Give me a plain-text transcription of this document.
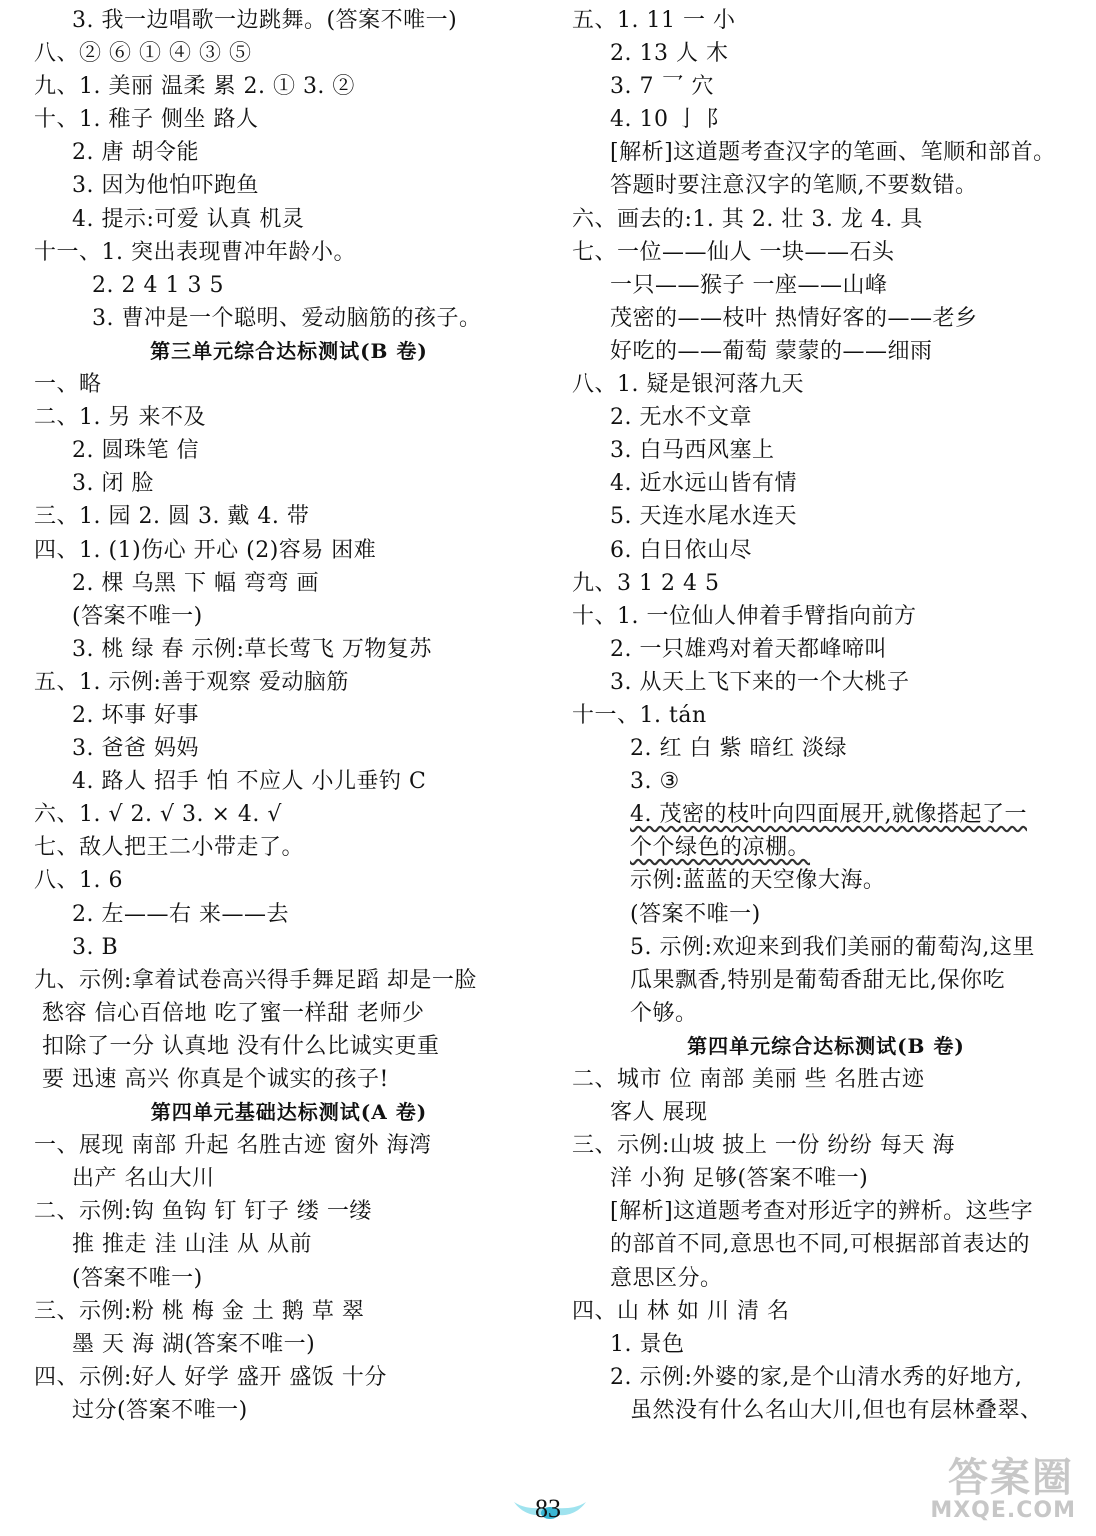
3. 我一边唱歌一边跳舞。(答案不唯一)
八、② ⑥ ① ④ ③ ⑤
九、1. 美丽 温柔 累 2. ① 3. ②
十、1. 稚子 侧坐 路人
2. 唐 胡令能
3. 因为他怕吓跑鱼
4. 提示:可爱 认真 机灵
十一、1. 突出表现曹冲年龄小。
2. 2 4 1 3 5
3. 曹冲是一个聪明、爱动脑筋的孩子。
第三单元综合达标测试(B 卷)
一、略
二、1. 另 来不及
2. 圆珠笔 信
3. 闭 脸
三、1. 园 2. 圆 3. 戴 4. 带
四、1. (1)伤心 开心 (2)容易 困难
2. 棵 乌黑 下 幅 弯弯 画
(答案不唯一)
3. 桃 绿 春 示例:草长莺飞 万物复苏
五、1. 示例:善于观察 爱动脑筋
2. 坏事 好事
3. 爸爸 妈妈
4. 路人 招手 怕 不应人 小儿垂钓 C
六、1. √ 2. √ 3. × 4. √
七、敌人把王二小带走了。
八、1. 6
2. 左——右 来——去
3. B
九、示例:拿着试卷高兴得手舞足蹈 却是一脸
愁容 信心百倍地 吃了蜜一样甜 老师少
扣除了一分 认真地 没有什么比诚实更重
要 迅速 高兴 你真是个诚实的孩子!
第四单元基础达标测试(A 卷)
一、展现 南部 升起 名胜古迹 窗外 海湾
出产 名山大川
二、示例:钩 鱼钩 钉 钉子 缕 一缕
推 推走 洼 山洼 从 从前
(答案不唯一)
三、示例:粉 桃 梅 金 土 鹅 草 翠
墨 天 海 湖(答案不唯一)
四、示例:好人 好学 盛开 盛饭 十分
过分(答案不唯一)
五、1. 11 一 小
2. 13 人 木
3. 7 乛 穴
4. 10 亅 阝
[解析]这道题考查汉字的笔画、笔顺和部首。
答题时要注意汉字的笔顺,不要数错。
六、画去的:1. 其 2. 壮 3. 龙 4. 具
七、一位——仙人 一块——石头
一只——猴子 一座——山峰
茂密的——枝叶 热情好客的——老乡
好吃的——葡萄 蒙蒙的——细雨
八、1. 疑是银河落九天
2. 无水不文章
3. 白马西风塞上
4. 近水远山皆有情
5. 天连水尾水连天
6. 白日依山尽
九、3 1 2 4 5
十、1. 一位仙人伸着手臂指向前方
2. 一只雄鸡对着天都峰啼叫
3. 从天上飞下来的一个大桃子
十一、1. tán
2. 红 白 紫 暗红 淡绿
3. ③
4. 茂密的枝叶向四面展开,就像搭起了一
个个绿色的凉棚。
示例:蓝蓝的天空像大海。
(答案不唯一)
5. 示例:欢迎来到我们美丽的葡萄沟,这里
瓜果飘香,特别是葡萄香甜无比,保你吃
个够。
第四单元综合达标测试(B 卷)
二、城市 位 南部 美丽 些 名胜古迹
客人 展现
三、示例:山坡 披上 一份 纷纷 每天 海
洋 小狗 足够(答案不唯一)
[解析]这道题考查对形近字的辨析。这些字
的部首不同,意思也不同,可根据部首表达的
意思区分。
四、山 林 如 川 清 名
1. 景色
2. 示例:外婆的家,是个山清水秀的好地方,
虽然没有什么名山大川,但也有层林叠翠、
83
答案圈
MXQE.COM
